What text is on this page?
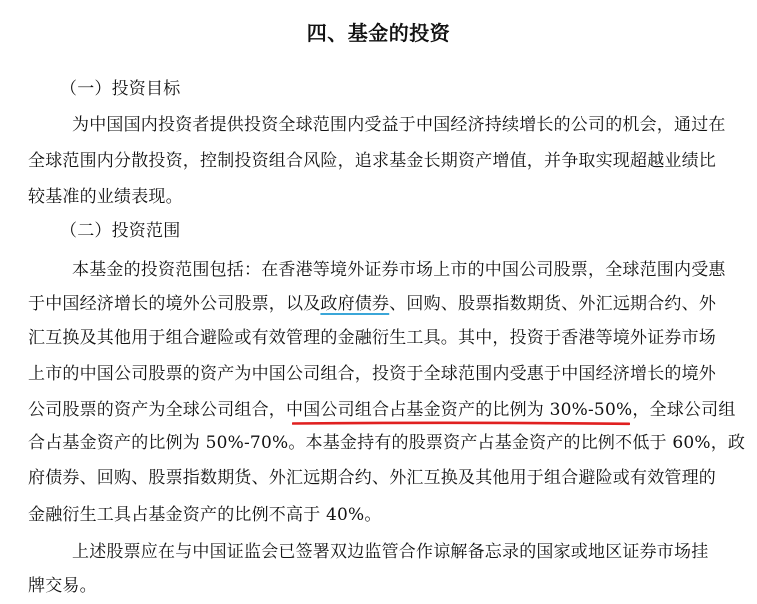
四、基金的投资
（一）投资目标
为中国国内投资者提供投资全球范围内受益于中国经济持续增长的公司的机会，通过在
全球范围内分散投资，控制投资组合风险，追求基金长期资产增值，并争取实现超越业绩比
较基准的业绩表现。
（二）投资范围
本基金的投资范围包括：在香港等境外证券市场上市的中国公司股票，全球范围内受惠
于中国经济增长的境外公司股票，以及政府债券、回购、股票指数期货、外汇远期合约、外
汇互换及其他用于组合避险或有效管理的金融衍生工具。其中，投资于香港等境外证券市场
上市的中国公司股票的资产为中国公司组合，投资于全球范围内受惠于中国经济增长的境外
公司股票的资产为全球公司组合，中国公司组合占基金资产的比例为 30%-50%，全球公司组
合占基金资产的比例为 50%-70%。本基金持有的股票资产占基金资产的比例不低于 60%，政
府债券、回购、股票指数期货、外汇远期合约、外汇互换及其他用于组合避险或有效管理的
金融衍生工具占基金资产的比例不高于 40%。
上述股票应在与中国证监会已签署双边监管合作谅解备忘录的国家或地区证券市场挂
牌交易。
